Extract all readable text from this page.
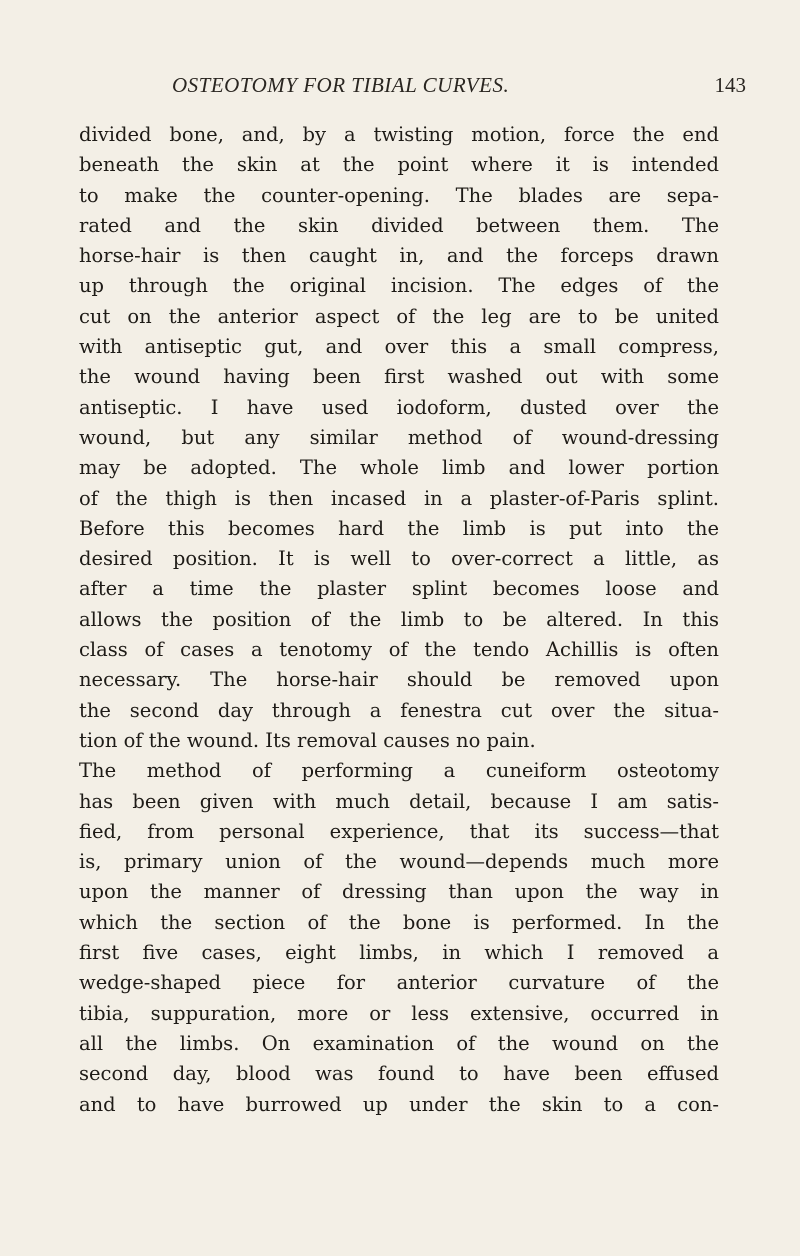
OSTEOTOMY FOR TIBIAL CURVES.	143
divided bone, and, by a twisting motion, force the end
beneath the skin at the point where it is intended
to make the counter-opening. The blades are sepa-
rated and the skin divided between them. The
horse-hair is then caught in, and the forceps drawn
up through the original incision. The edges of the
cut on the anterior aspect of the leg are to be united
with antiseptic gut, and over this a small compress,
the wound having been first washed out with some
antiseptic. I have used iodoform, dusted over the
wound, but any similar method of wound-dressing
may be adopted. The whole limb and lower portion
of the thigh is then incased in a plaster-of-Paris splint.
Before this becomes hard the limb is put into the
desired position. It is well to over-correct a little, as
after a time the plaster splint becomes loose and
allows the position of the limb to be altered. In this
class of cases a tenotomy of the tendo Achillis is often
necessary. The horse-hair should be removed upon
the second day through a fenestra cut over the situa-
tion of the wound. Its removal causes no pain.
The method of performing a cuneiform osteotomy
has been given with much detail, because I am satis-
fied, from personal experience, that its success—that
is, primary union of the wound—depends much more
upon the manner of dressing than upon the way in
which the section of the bone is performed. In the
first five cases, eight limbs, in which I removed a
wedge-shaped piece for anterior curvature of the
tibia, suppuration, more or less extensive, occurred in
all the limbs. On examination of the wound on the
second day, blood was found to have been effused
and to have burrowed up under the skin to a con-
